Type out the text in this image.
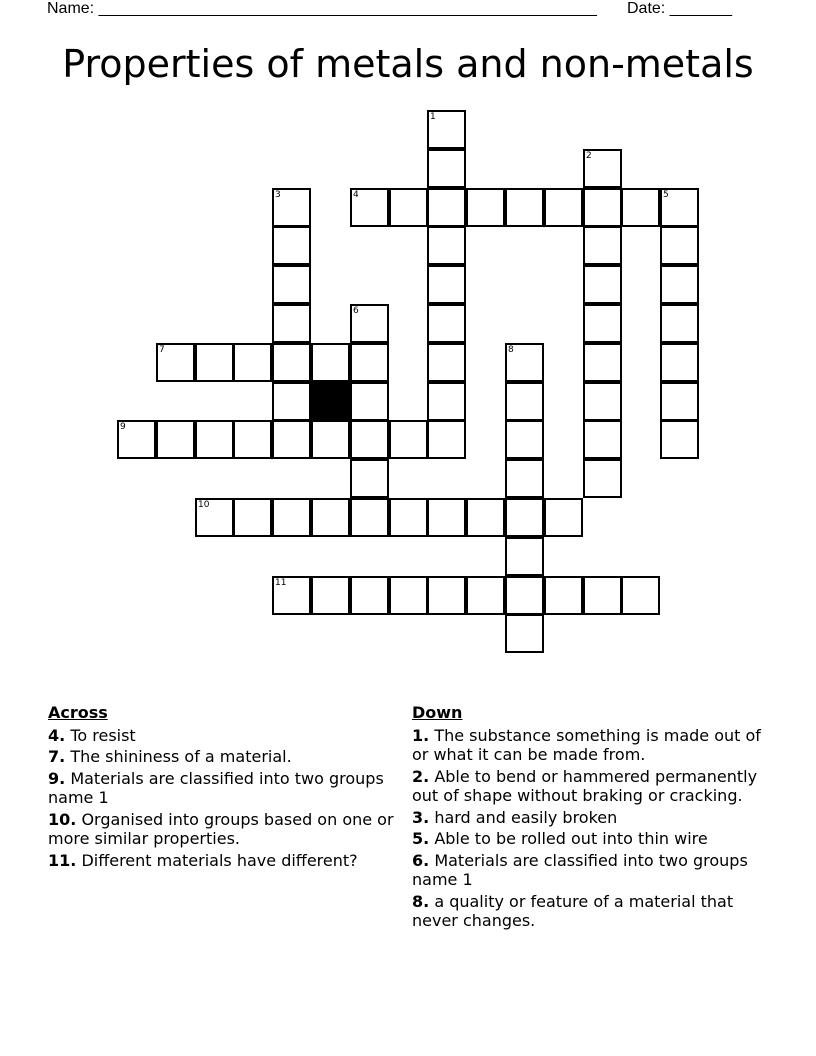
Name: ________________________________________________________ Date: _______
Properties of metals and non-metals
4	5
7
9
10
11
1
2
3
6
8
Across
4. To resist
7. The shininess of a material.
9. Materials are classified into two groups name 1
10. Organised into groups based on one or more similar properties.
11. Different materials have different?
Down
1. The substance something is made out of or what it can be made from.
2. Able to bend or hammered permanently out of shape without braking or cracking.
3. hard and easily broken
5. Able to be rolled out into thin wire
6. Materials are classified into two groups name 1
8. a quality or feature of a material that never changes.
